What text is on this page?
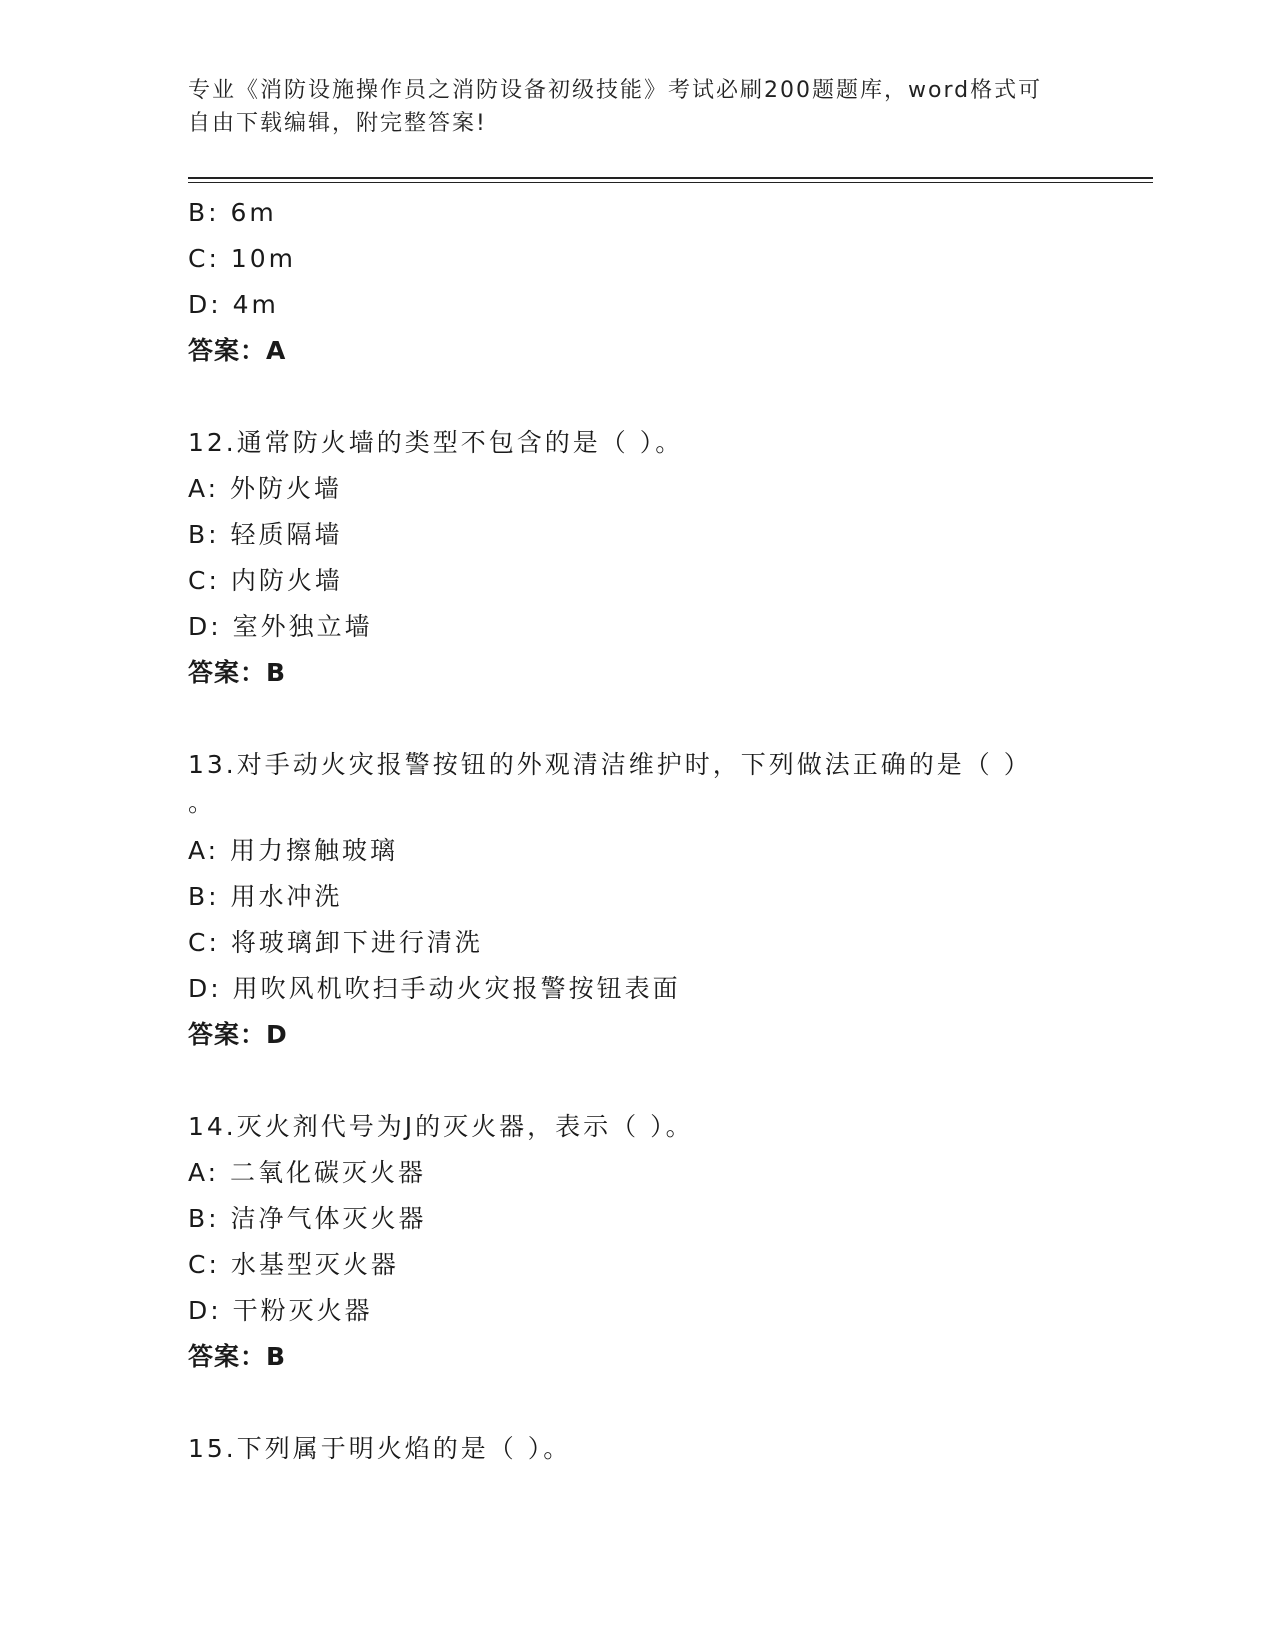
专业《消防设施操作员之消防设备初级技能》考试必刷200题题库，word格式可
自由下载编辑，附完整答案!
B: 6m
C: 10m
D: 4m
答案：A
12.通常防火墙的类型不包含的是（ ）。
A: 外防火墙
B: 轻质隔墙
C: 内防火墙
D: 室外独立墙
答案：B
13.对手动火灾报警按钮的外观清洁维护时，下列做法正确的是（ ）
。
A: 用力擦触玻璃
B: 用水冲洗
C: 将玻璃卸下进行清洗
D: 用吹风机吹扫手动火灾报警按钮表面
答案：D
14.灭火剂代号为J的灭火器，表示（ ）。
A: 二氧化碳灭火器
B: 洁净气体灭火器
C: 水基型灭火器
D: 干粉灭火器
答案：B
15.下列属于明火焰的是（ ）。
